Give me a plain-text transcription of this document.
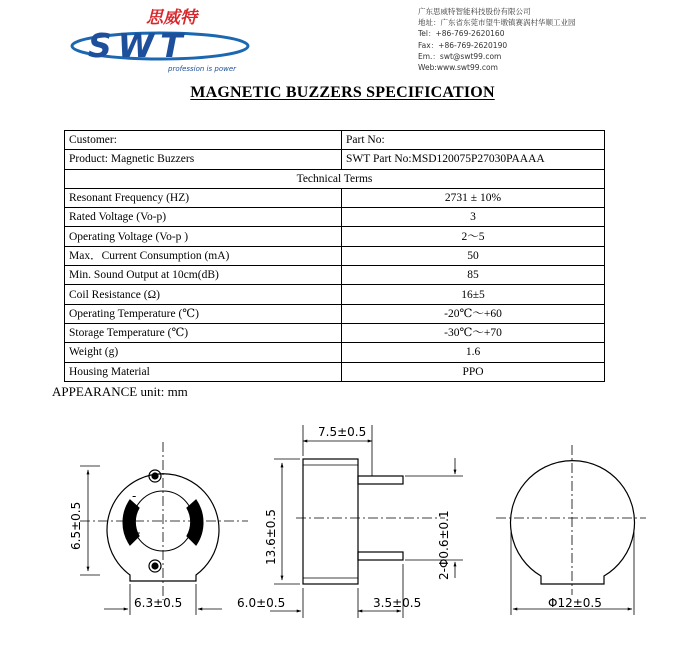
思威特
SWT
profession is power
广东思威特智能科技股份有限公司
地址：广东省东莞市望牛墩镇赛涡村华顺工业园
Tel：+86-769-2620160
Fax：+86-769-2620190
Em.：swt@swt99.com
Web:www.swt99.com
MAGNETIC BUZZERS SPECIFICATION
Customer:	Part No:
Product: Magnetic Buzzers	SWT Part No:MSD120075P27030PAAAA
Technical Terms	
Resonant Frequency (HZ)	2731 ± 10%
Rated Voltage (Vo-p)	3
Operating Voltage (Vo-p )	2～5
Max．Current Consumption (mA)	50
Min. Sound Output at 10cm(dB)	85
Coil Resistance (Ω)	16±5
Operating Temperature (℃)	-20℃～+60
Storage Temperature (℃)	-30℃～+70
Weight (g)	1.6
Housing Material	PPO
APPEARANCE unit: mm
6.5±0.5
6.3±0.5
-
+
7.5±0.5
13.6±0.5
6.0±0.5	3.5±0.5
2-Φ0.6±0.1
Φ12±0.5
